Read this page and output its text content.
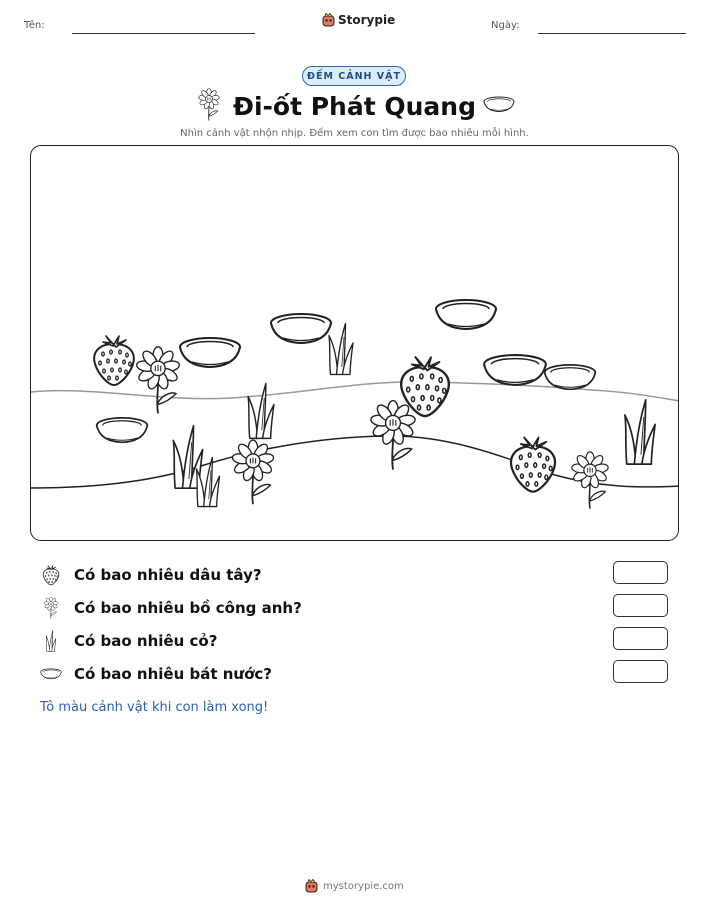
Tên:	Storypie	Ngày:
ĐẾM CẢNH VẬT
Đi-ốt Phát Quang
Nhìn cảnh vật nhộn nhịp. Đếm xem con tìm được bao nhiêu mỗi hình.
Có bao nhiêu dâu tây?
Có bao nhiêu bồ công anh?
Có bao nhiêu cỏ?
Có bao nhiêu bát nước?
Tô màu cảnh vật khi con làm xong!
mystorypie.com
